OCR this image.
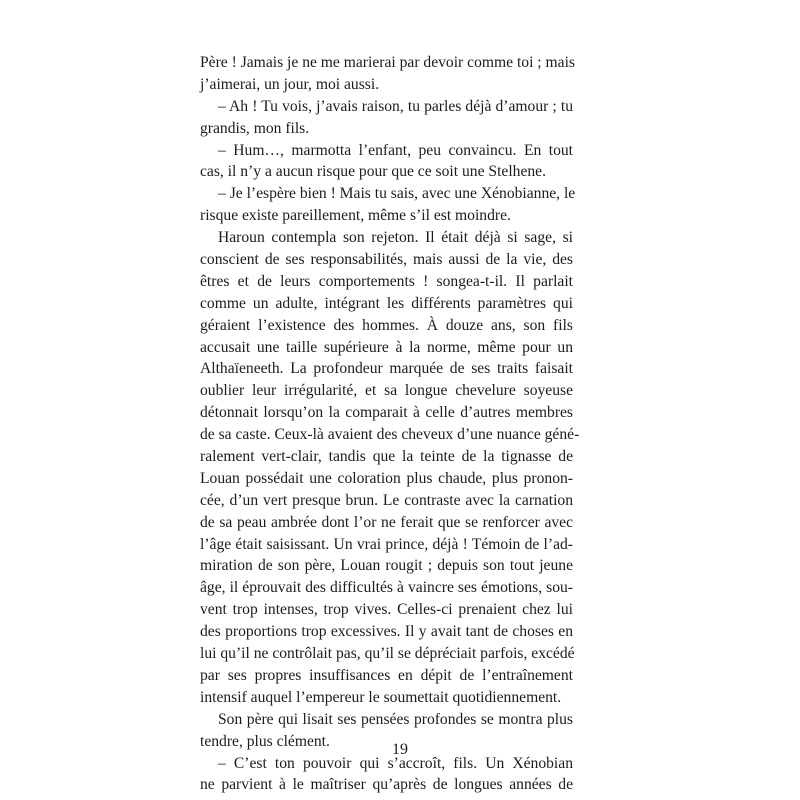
Père ! Jamais je ne me marierai par devoir comme toi ; mais
j’aimerai, un jour, moi aussi.
– Ah ! Tu vois, j’avais raison, tu parles déjà d’amour ; tu
grandis, mon fils.
– Hum…, marmotta l’enfant, peu convaincu. En tout
cas, il n’y a aucun risque pour que ce soit une Stelhene.
– Je l’espère bien ! Mais tu sais, avec une Xénobianne, le
risque existe pareillement, même s’il est moindre.
Haroun contempla son rejeton. Il était déjà si sage, si
conscient de ses responsabilités, mais aussi de la vie, des
êtres et de leurs comportements ! songea-t-il. Il parlait
comme un adulte, intégrant les différents paramètres qui
géraient l’existence des hommes. À douze ans, son fils
accusait une taille supérieure à la norme, même pour un
Althaïeneeth. La profondeur marquée de ses traits faisait
oublier leur irrégularité, et sa longue chevelure soyeuse
détonnait lorsqu’on la comparait à celle d’autres membres
de sa caste. Ceux-là avaient des cheveux d’une nuance géné-
ralement vert-clair, tandis que la teinte de la tignasse de
Louan possédait une coloration plus chaude, plus pronon-
cée, d’un vert presque brun. Le contraste avec la carnation
de sa peau ambrée dont l’or ne ferait que se renforcer avec
l’âge était saisissant. Un vrai prince, déjà ! Témoin de l’ad-
miration de son père, Louan rougit ; depuis son tout jeune
âge, il éprouvait des difficultés à vaincre ses émotions, sou-
vent trop intenses, trop vives. Celles-ci prenaient chez lui
des proportions trop excessives. Il y avait tant de choses en
lui qu’il ne contrôlait pas, qu’il se dépréciait parfois, excédé
par ses propres insuffisances en dépit de l’entraînement
intensif auquel l’empereur le soumettait quotidiennement.
Son père qui lisait ses pensées profondes se montra plus
tendre, plus clément.
– C’est ton pouvoir qui s’accroît, fils. Un Xénobian
ne parvient à le maîtriser qu’après de longues années de
19
